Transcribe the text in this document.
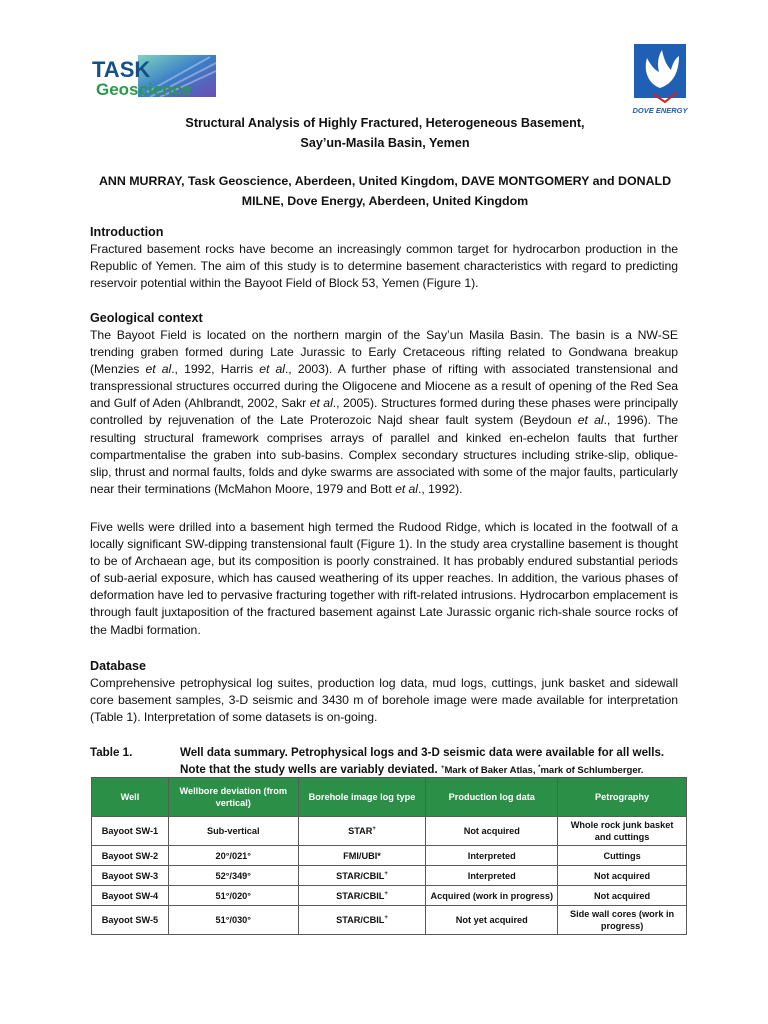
TASK
Geoscience
DOVE ENERGY
Structural Analysis of Highly Fractured, Heterogeneous Basement,
Say’un-Masila Basin, Yemen
ANN MURRAY, Task Geoscience, Aberdeen, United Kingdom, DAVE MONTGOMERY and DONALD
MILNE, Dove Energy, Aberdeen, United Kingdom
Introduction
Fractured basement rocks have become an increasingly common target for hydrocarbon production in the Republic of Yemen. The aim of this study is to determine basement characteristics with regard to predicting reservoir potential within the Bayoot Field of Block 53, Yemen (Figure 1).
Geological context
The Bayoot Field is located on the northern margin of the Say’un Masila Basin. The basin is a NW-SE trending graben formed during Late Jurassic to Early Cretaceous rifting related to Gondwana breakup (Menzies et al., 1992, Harris et al., 2003). A further phase of rifting with associated transtensional and transpressional structures occurred during the Oligocene and Miocene as a result of opening of the Red Sea and Gulf of Aden (Ahlbrandt, 2002, Sakr et al., 2005). Structures formed during these phases were principally controlled by rejuvenation of the Late Proterozoic Najd shear fault system (Beydoun et al., 1996). The resulting structural framework comprises arrays of parallel and kinked en-echelon faults that further compartmentalise the graben into sub-basins. Complex secondary structures including strike-slip, oblique-slip, thrust and normal faults, folds and dyke swarms are associated with some of the major faults, particularly near their terminations (McMahon Moore, 1979 and Bott et al., 1992).
Five wells were drilled into a basement high termed the Rudood Ridge, which is located in the footwall of a locally significant SW-dipping transtensional fault (Figure 1). In the study area crystalline basement is thought to be of Archaean age, but its composition is poorly constrained. It has probably endured substantial periods of sub-aerial exposure, which has caused weathering of its upper reaches. In addition, the various phases of deformation have led to pervasive fracturing together with rift-related intrusions. Hydrocarbon emplacement is through fault juxtaposition of the fractured basement against Late Jurassic organic rich-shale source rocks of the Madbi formation.
Database
Comprehensive petrophysical log suites, production log data, mud logs, cuttings, junk basket and sidewall core basement samples, 3-D seismic and 3430 m of borehole image were made available for interpretation (Table 1). Interpretation of some datasets is on-going.
Table 1.	Well data summary. Petrophysical logs and 3-D seismic data were available for all wells. Note that the study wells are variably deviated. +Mark of Baker Atlas, *mark of Schlumberger.
Well	Wellbore deviation (from vertical)	Borehole image log type	Production log data	Petrography
Bayoot SW-1	Sub-vertical	STAR+	Not acquired	Whole rock junk basket and cuttings
Bayoot SW-2	20°/021°	FMI/UBI*	Interpreted	Cuttings
Bayoot SW-3	52°/349°	STAR/CBIL+	Interpreted	Not acquired
Bayoot SW-4	51°/020°	STAR/CBIL+	Acquired (work in progress)	Not acquired
Bayoot SW-5	51°/030°	STAR/CBIL+	Not yet acquired	Side wall cores (work in progress)
